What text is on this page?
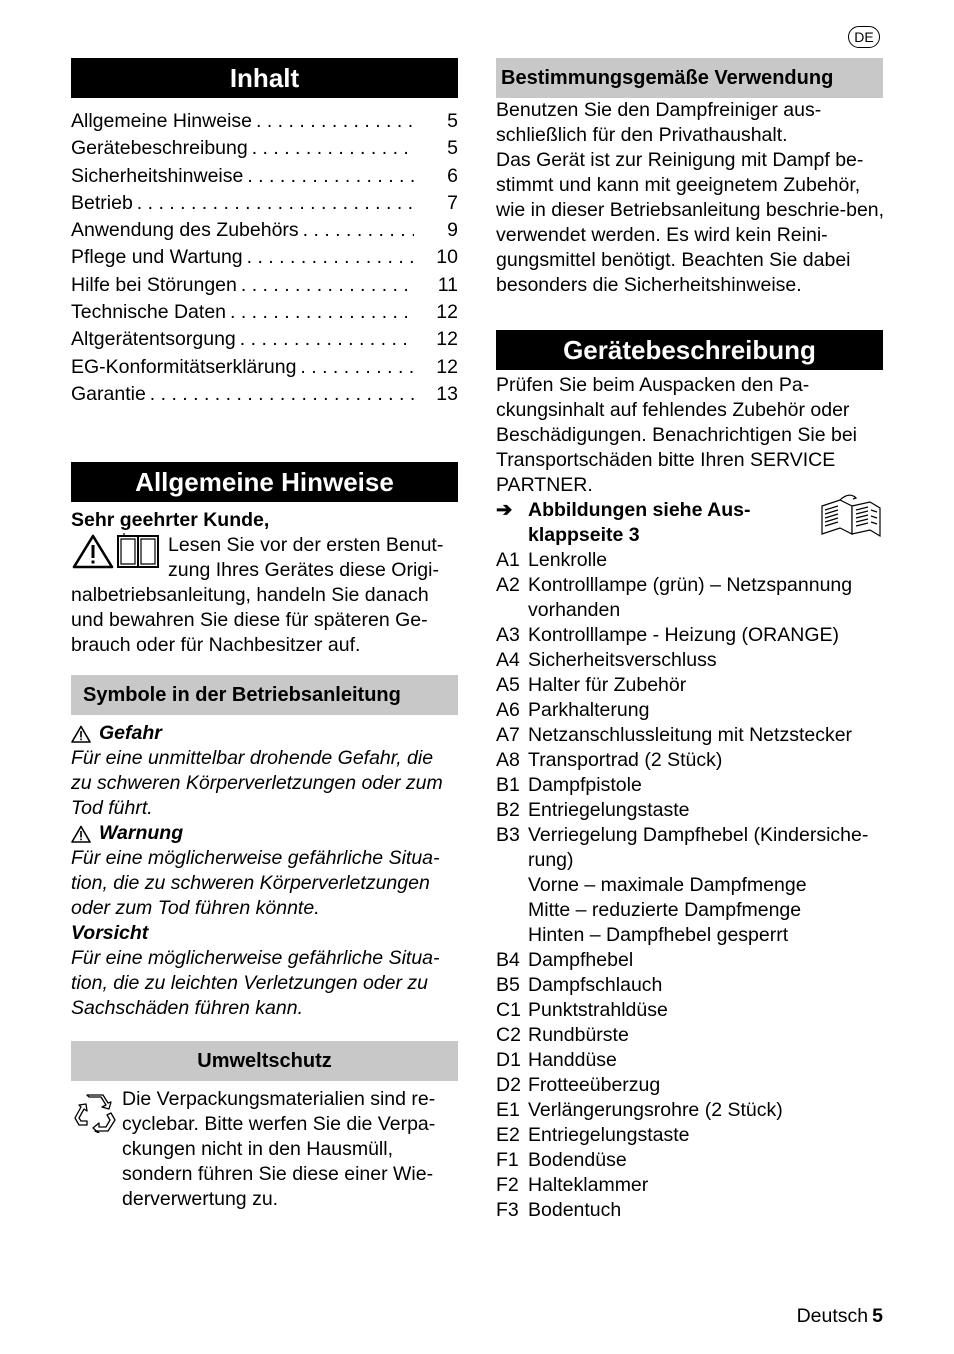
DE
Inhalt
Allgemeine Hinweise . . .	5
Gerätebeschreibung . . .	5
Sicherheitshinweise . . .	6
Betrieb . . .	7
Anwendung des Zubehörs . . .	9
Pflege und Wartung . . .	10
Hilfe bei Störungen . . .	11
Technische Daten . . .	12
Altgerätentsorgung . . .	12
EG-Konformitätserklärung . . .	12
Garantie . . .	13
Allgemeine Hinweise

Sehr geehrter Kunde,

Lesen Sie vor der ersten Benut-

zung Ihres Gerätes diese Origi-

nalbetriebsanleitung, handeln Sie danach und bewahren Sie diese für späteren Ge-brauch oder für Nachbesitzer auf.

Symbole in der Betriebsanleitung
Gefahr

Für eine unmittelbar drohende Gefahr, die zu schweren Körperverletzungen oder zum Tod führt.

Warnung

Für eine möglicherweise gefährliche Situa-tion, die zu schweren Körperverletzungen oder zum Tod führen könnte.

Vorsicht

Für eine möglicherweise gefährliche Situa-tion, die zu leichten Verletzungen oder zu Sachschäden führen kann.

Umweltschutz

Die Verpackungsmaterialien sind re-cyclebar. Bitte werfen Sie die Verpa-ckungen nicht in den Hausmüll, sondern führen Sie diese einer Wie-derverwertung zu.

Bestimmungsgemäße Verwendung

Benutzen Sie den Dampfreiniger aus-schließlich für den Privathaushalt.

Das Gerät ist zur Reinigung mit Dampf be-stimmt und kann mit geeignetem Zubehör, wie in dieser Betriebsanleitung beschrie-ben, verwendet werden. Es wird kein Reini-gungsmittel benötigt. Beachten Sie dabei besonders die Sicherheitshinweise.

Gerätebeschreibung

Prüfen Sie beim Auspacken den Pa-ckungsinhalt auf fehlendes Zubehör oder Beschädigungen. Benachrichtigen Sie bei Transportschäden bitte Ihren SERVICE PARTNER.

➔ Abbildungen siehe Aus-
klappseite 3
A1 Lenkrolle
A2 Kontrolllampe (grün) – Netzspannung vorhanden
A3 Kontrolllampe - Heizung (ORANGE)
A4 Sicherheitsverschluss
A5 Halter für Zubehör
A6 Parkhalterung
A7 Netzanschlussleitung mit Netzstecker
A8 Transportrad (2 Stück)
B1 Dampfpistole
B2 Entriegelungstaste
B3 Verriegelung Dampfhebel (Kindersiche-rung)
Vorne – maximale Dampfmenge
Mitte – reduzierte Dampfmenge
Hinten – Dampfhebel gesperrt
B4 Dampfhebel
B5 Dampfschlauch
C1 Punktstrahldüse
C2 Rundbürste
D1 Handdüse
D2 Frotteeüberzug
E1 Verlängerungsrohre (2 Stück)
E2 Entriegelungstaste
F1 Bodendüse
F2 Halteklammer
F3 Bodentuch
Deutsch 5
